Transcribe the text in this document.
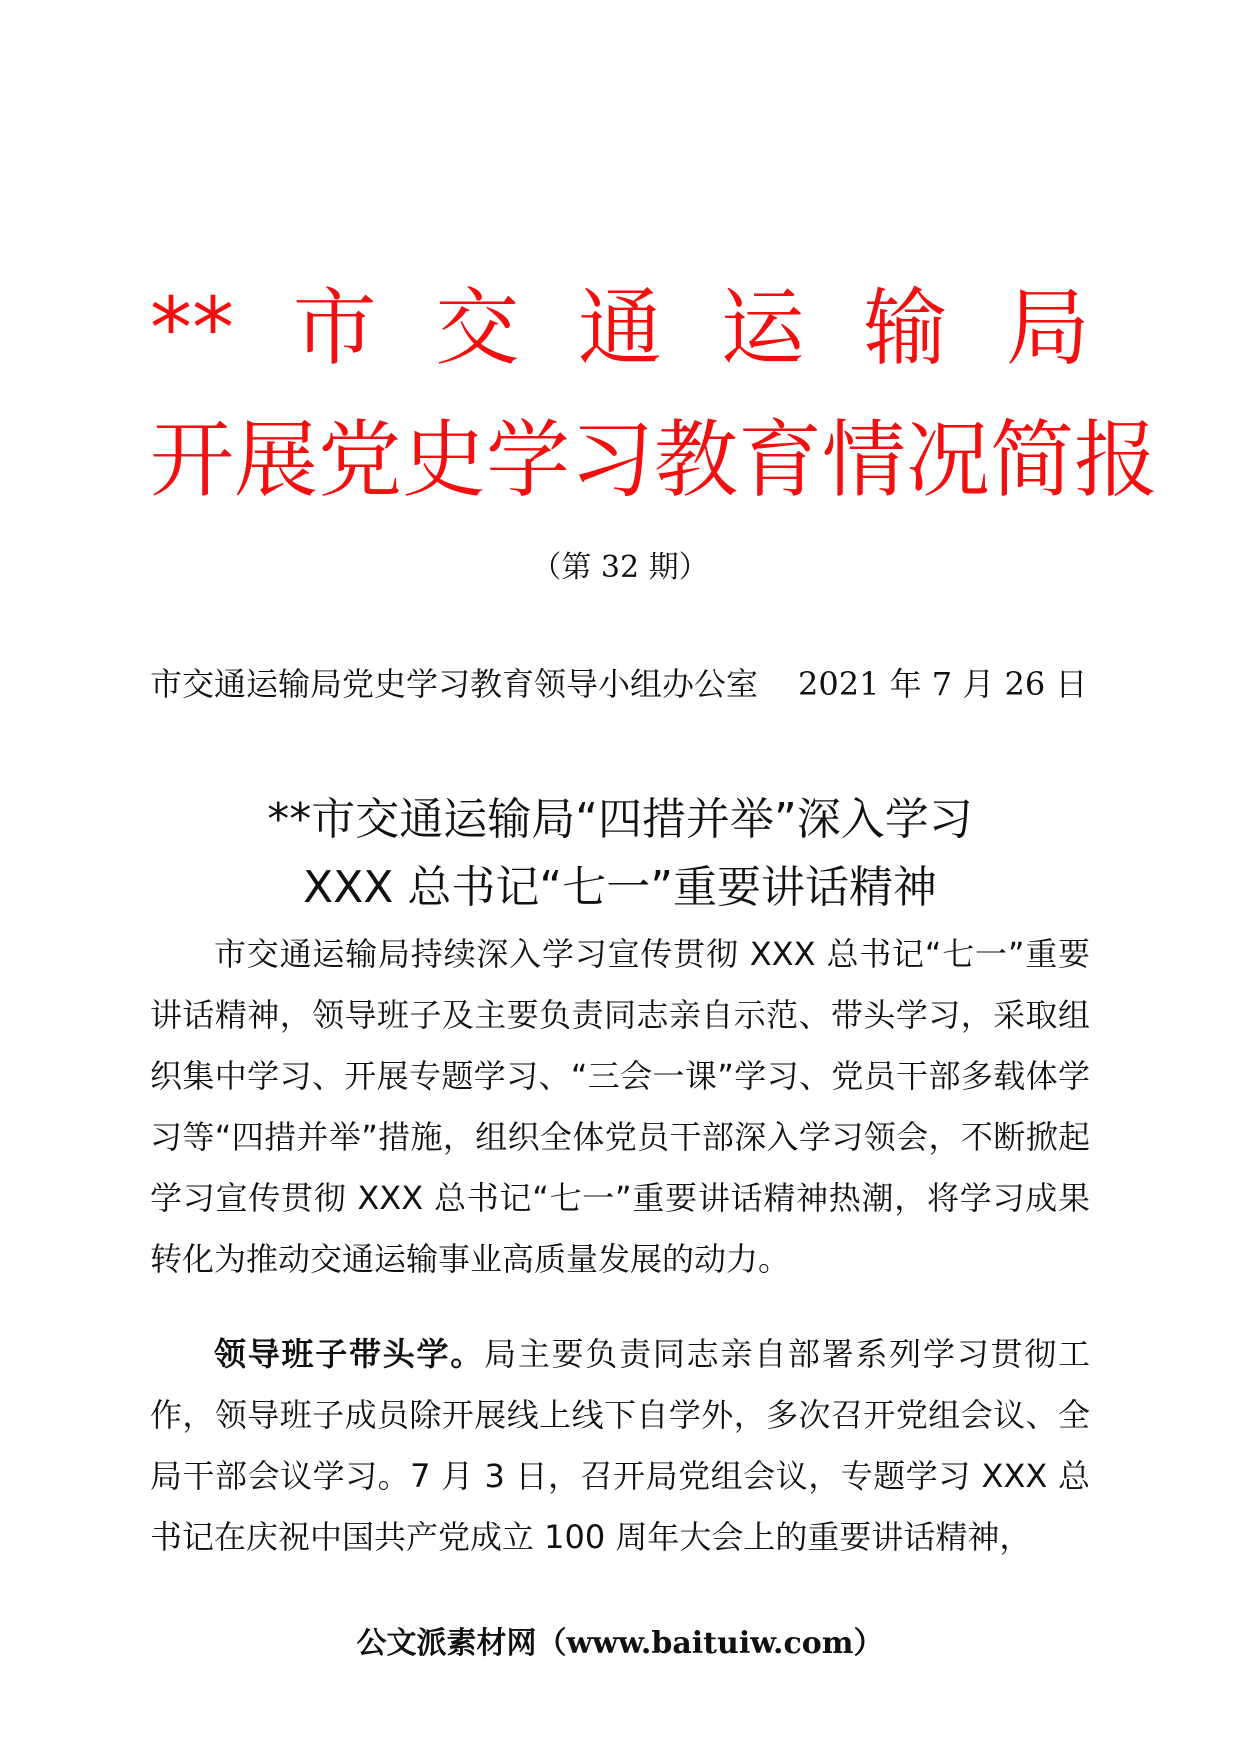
** 市 交 通 运 输 局
开展党史学习教育情况简报
（第 32 期）
市交通运输局党史学习教育领导小组办公室 2021 年 7 月 26 日
**市交通运输局“四措并举”深入学习
XXX 总书记“七一”重要讲话精神
市交通运输局持续深入学习宣传贯彻 XXX 总书记“七一”重要讲话精神，领导班子及主要负责同志亲自示范、带头学习，采取组织集中学习、开展专题学习、“三会一课”学习、党员干部多载体学习等“四措并举”措施，组织全体党员干部深入学习领会，不断掀起学习宣传贯彻 XXX 总书记“七一”重要讲话精神热潮，将学习成果转化为推动交通运输事业高质量发展的动力。
领导班子带头学。局主要负责同志亲自部署系列学习贯彻工作，领导班子成员除开展线上线下自学外，多次召开党组会议、全局干部会议学习。7 月 3 日，召开局党组会议，专题学习 XXX 总书记在庆祝中国共产党成立 100 周年大会上的重要讲话精神，
公文派素材网（www.baituiw.com）
